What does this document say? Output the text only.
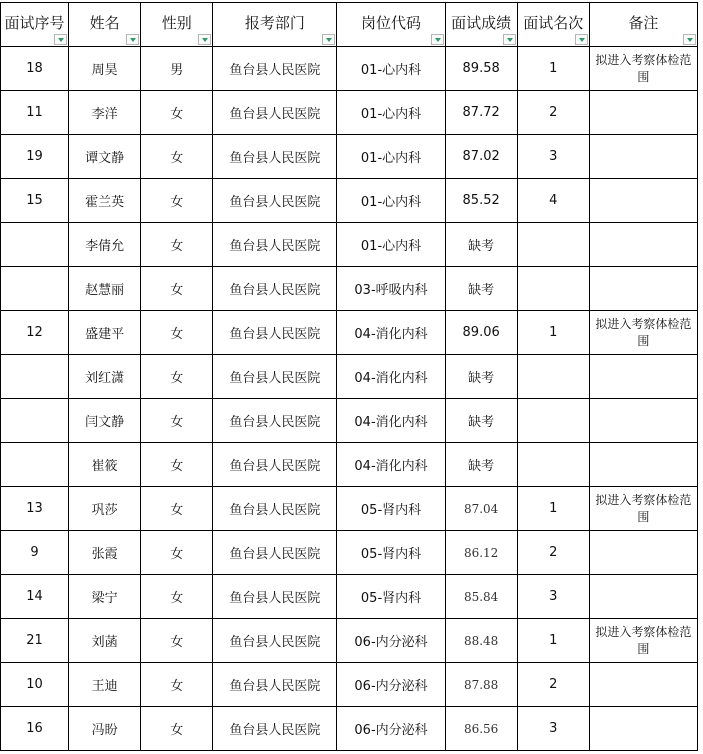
面试序号	姓名	性别	报考部门	岗位代码	面试成绩	面试名次	备注

18	周昊	男	鱼台县人民医院	01-心内科	89.58	1	拟进入考察体检范围
11	李洋	女	鱼台县人民医院	01-心内科	87.72	2	
19	谭文静	女	鱼台县人民医院	01-心内科	87.02	3	
15	霍兰英	女	鱼台县人民医院	01-心内科	85.52	4	
	李倩允	女	鱼台县人民医院	01-心内科	缺考		
	赵慧丽	女	鱼台县人民医院	03-呼吸内科	缺考		
12	盛建平	女	鱼台县人民医院	04-消化内科	89.06	1	拟进入考察体检范围
	刘红潇	女	鱼台县人民医院	04-消化内科	缺考		
	闫文静	女	鱼台县人民医院	04-消化内科	缺考		
	崔筱	女	鱼台县人民医院	04-消化内科	缺考		
13	巩莎	女	鱼台县人民医院	05-肾内科	87.04	1	拟进入考察体检范围
9	张霞	女	鱼台县人民医院	05-肾内科	86.12	2	
14	梁宁	女	鱼台县人民医院	05-肾内科	85.84	3	
21	刘菡	女	鱼台县人民医院	06-内分泌科	88.48	1	拟进入考察体检范围
10	王迪	女	鱼台县人民医院	06-内分泌科	87.88	2	
16	冯盼	女	鱼台县人民医院	06-内分泌科	86.56	3	
